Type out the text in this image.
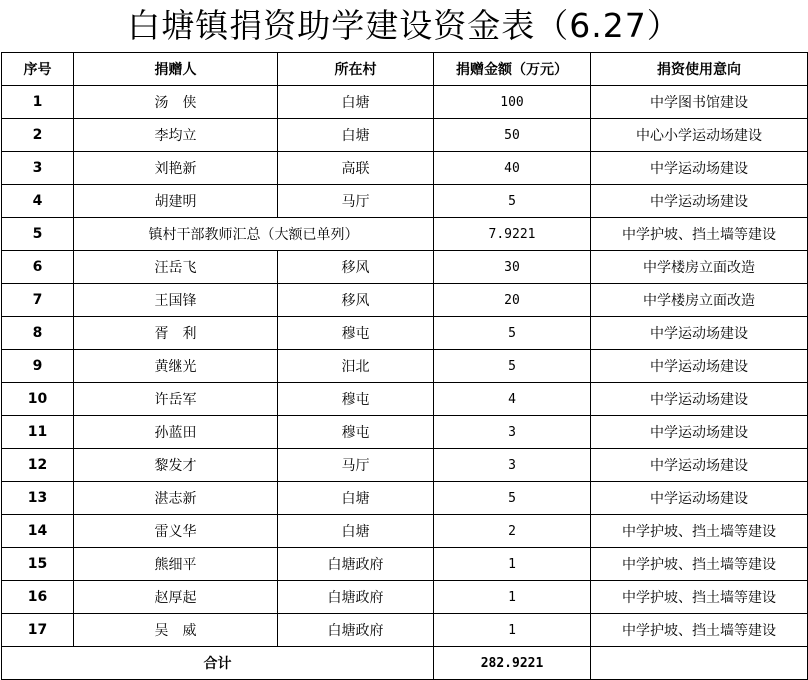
白塘镇捐资助学建设资金表（6.27）
序号	捐赠人	所在村	捐赠金额（万元）	捐资使用意向
1	汤　侠	白塘	100	中学图书馆建设
2	李均立	白塘	50	中心小学运动场建设
3	刘艳新	高联	40	中学运动场建设
4	胡建明	马厅	5	中学运动场建设
5	镇村干部教师汇总（大额已单列）		7.9221	中学护坡、挡土墙等建设
6	汪岳飞	移风	30	中学楼房立面改造
7	王国锋	移风	20	中学楼房立面改造
8	胥　利	穆屯	5	中学运动场建设
9	黄继光	汨北	5	中学运动场建设
10	许岳军	穆屯	4	中学运动场建设
11	孙蓝田	穆屯	3	中学运动场建设
12	黎发才	马厅	3	中学运动场建设
13	湛志新	白塘	5	中学运动场建设
14	雷义华	白塘	2	中学护坡、挡土墙等建设
15	熊细平	白塘政府	1	中学护坡、挡土墙等建设
16	赵厚起	白塘政府	1	中学护坡、挡土墙等建设
17	吴　威	白塘政府	1	中学护坡、挡土墙等建设
合计			282.9221	
